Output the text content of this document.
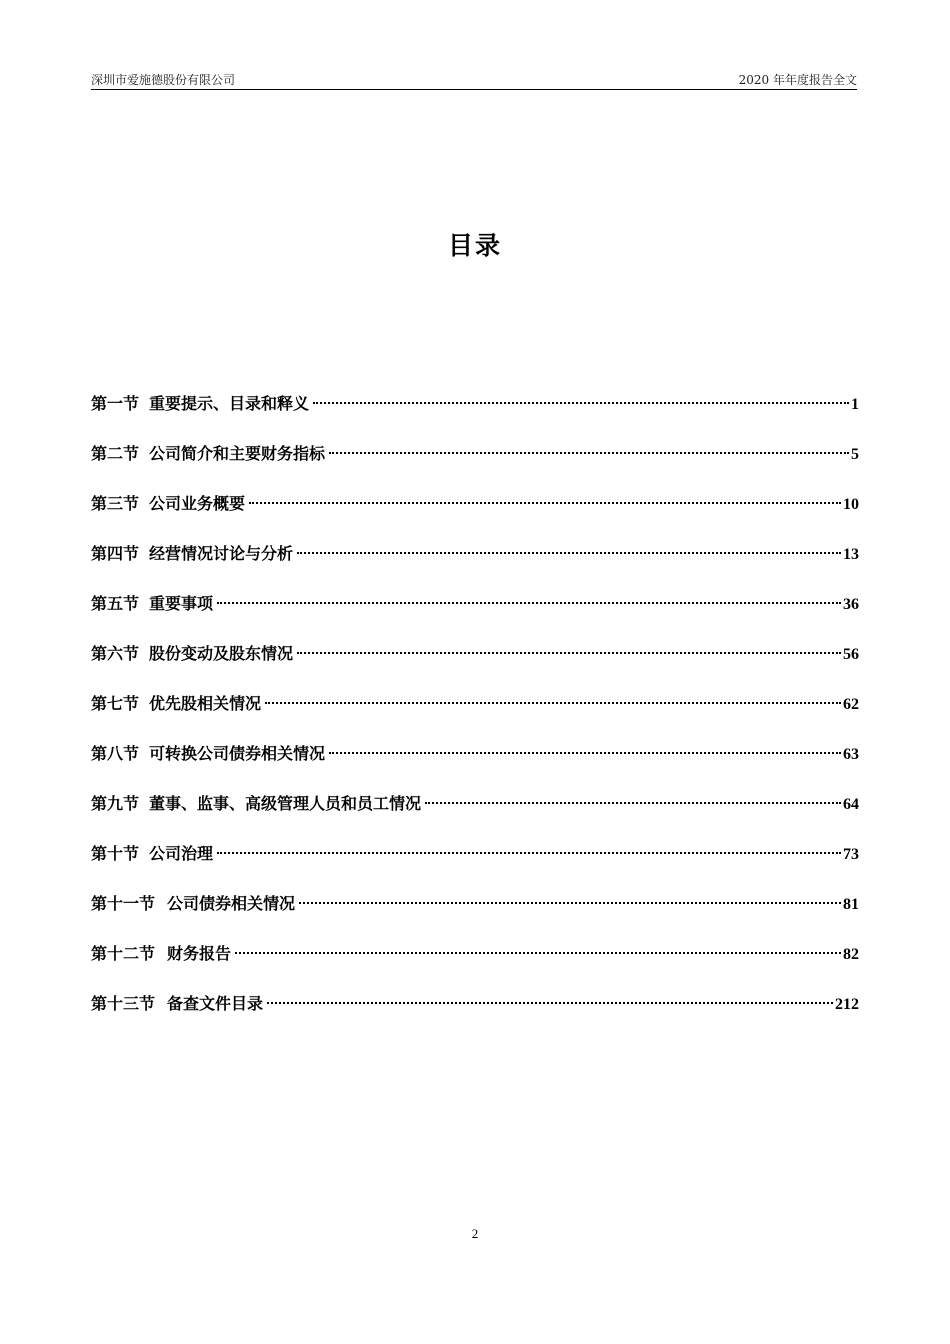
深圳市爱施德股份有限公司	2020 年年度报告全文
目录
第一节 重要提示、目录和释义	1
第二节 公司简介和主要财务指标	5
第三节 公司业务概要	10
第四节 经营情况讨论与分析	13
第五节 重要事项	36
第六节 股份变动及股东情况	56
第七节 优先股相关情况	62
第八节 可转换公司债券相关情况	63
第九节 董事、监事、高级管理人员和员工情况	64
第十节 公司治理	73
第十一节 公司债券相关情况	81
第十二节 财务报告	82
第十三节 备查文件目录	212
2
